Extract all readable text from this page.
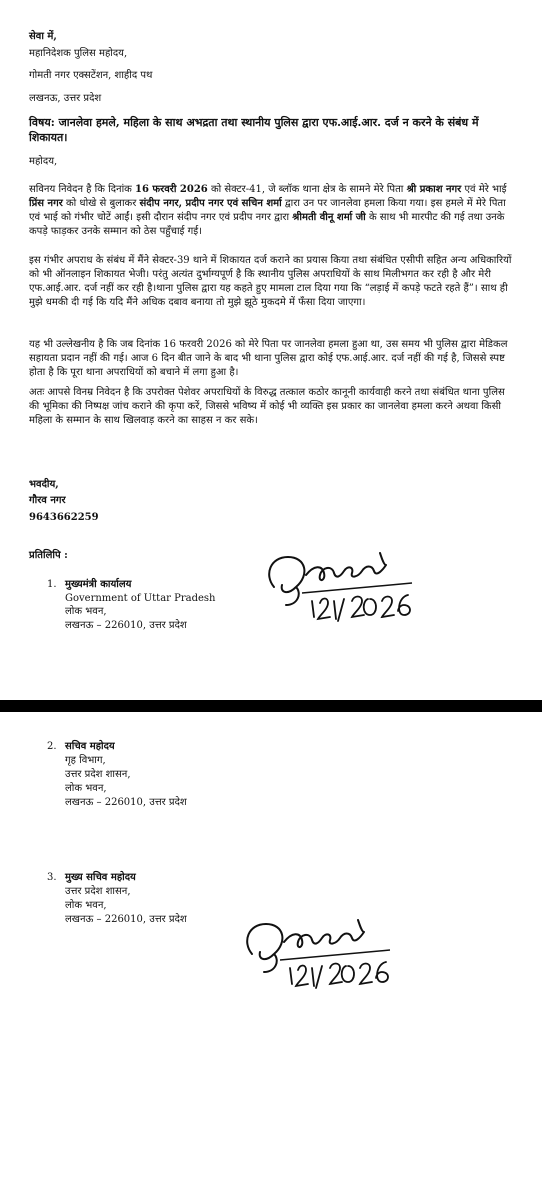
सेवा में,
महानिदेशक पुलिस महोदय,
गोमती नगर एक्सटेंशन, शाहीद पथ
लखनऊ, उत्तर प्रदेश
विषय: जानलेवा हमले, महिला के साथ अभद्रता तथा स्थानीय पुलिस द्वारा एफ.आई.आर. दर्ज न करने के संबंध में शिकायत।
महोदय,
सविनय निवेदन है कि दिनांक 16 फरवरी 2026 को सेक्टर-41, जे ब्लॉक थाना क्षेत्र के सामने मेरे पिता श्री प्रकाश नगर एवं मेरे भाई प्रिंस नगर को धोखे से बुलाकर संदीप नगर, प्रदीप नगर एवं सचिन शर्मा द्वारा उन पर जानलेवा हमला किया गया। इस हमले में मेरे पिता एवं भाई को गंभीर चोटें आईं। इसी दौरान संदीप नगर एवं प्रदीप नगर द्वारा श्रीमती वीनू शर्मा जी के साथ भी मारपीट की गई तथा उनके कपड़े फाड़कर उनके सम्मान को ठेस पहुँचाई गई।
इस गंभीर अपराध के संबंध में मैंने सेक्टर-39 थाने में शिकायत दर्ज कराने का प्रयास किया तथा संबंधित एसीपी सहित अन्य अधिकारियों को भी ऑनलाइन शिकायत भेजी। परंतु अत्यंत दुर्भाग्यपूर्ण है कि स्थानीय पुलिस अपराधियों के साथ मिलीभगत कर रही है और मेरी एफ.आई.आर. दर्ज नहीं कर रही है।थाना पुलिस द्वारा यह कहते हुए मामला टाल दिया गया कि “लड़ाई में कपड़े फटते रहते हैं”। साथ ही मुझे धमकी दी गई कि यदि मैंने अधिक दबाव बनाया तो मुझे झूठे मुकदमे में फँसा दिया जाएगा।
यह भी उल्लेखनीय है कि जब दिनांक 16 फरवरी 2026 को मेरे पिता पर जानलेवा हमला हुआ था, उस समय भी पुलिस द्वारा मेडिकल सहायता प्रदान नहीं की गई। आज 6 दिन बीत जाने के बाद भी थाना पुलिस द्वारा कोई एफ.आई.आर. दर्ज नहीं की गई है, जिससे स्पष्ट होता है कि पूरा थाना अपराधियों को बचाने में लगा हुआ है।
अतः आपसे विनम्र निवेदन है कि उपरोक्त पेशेवर अपराधियों के विरुद्ध तत्काल कठोर कानूनी कार्यवाही करने तथा संबंधित थाना पुलिस की भूमिका की निष्पक्ष जांच कराने की कृपा करें, जिससे भविष्य में कोई भी व्यक्ति इस प्रकार का जानलेवा हमला करने अथवा किसी महिला के सम्मान के साथ खिलवाड़ करने का साहस न कर सके।
भवदीय,
गौरव नगर
9643662259
प्रतिलिपि :
1. मुख्यमंत्री कार्यालय
Government of Uttar Pradesh
लोक भवन,
लखनऊ – 226010, उत्तर प्रदेश
2. सचिव महोदय
गृह विभाग,
उत्तर प्रदेश शासन,
लोक भवन,
लखनऊ – 226010, उत्तर प्रदेश
3. मुख्य सचिव महोदय
उत्तर प्रदेश शासन,
लोक भवन,
लखनऊ – 226010, उत्तर प्रदेश
